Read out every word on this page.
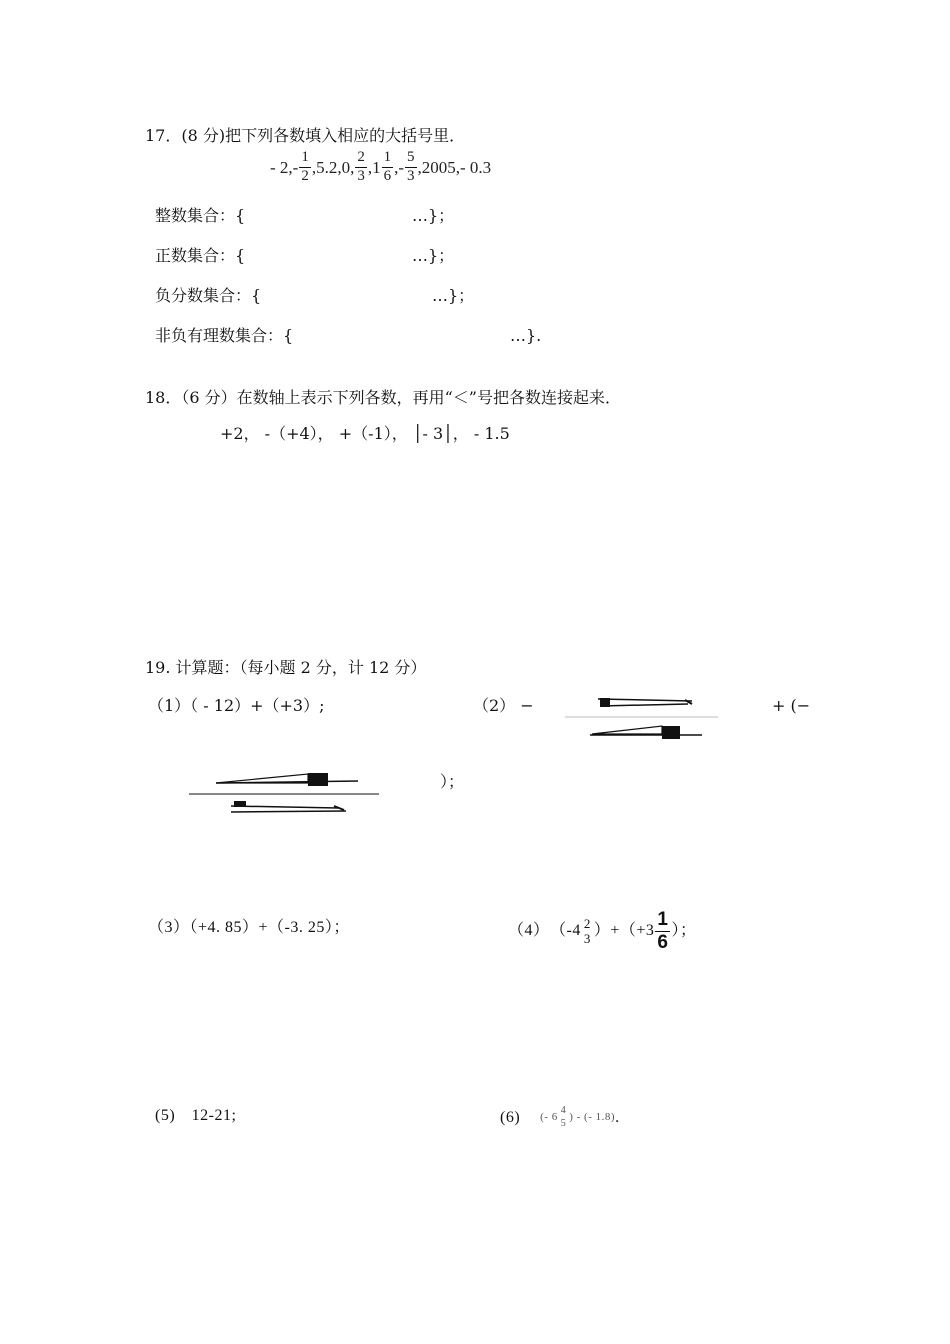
17．(8 分)把下列各数填入相应的大括号里．
- $2,- \frac{1}{2} ,5.2,0$, $\frac{2}{3} ,1 \frac{1}{6}$ ,- $\frac{5}{3} ,2005,-$ 0.3
整数集合：{	…}；
正数集合：{	…}；
负分数集合：{	…}；
非负有理数集合：{	…}.
18．（6 分）在数轴上表示下列各数，再用“＜”号把各数连接起来．
+2， -（+4）， +（-1）， │- 3│， - 1.5
19. 计算题：（每小题 2 分，计 12 分）
（1）（ - 12）+（+3）;	（2） −	+ (−
）；
（3）（+4. 85）+（-3. 25）；	（4）　（-4 2
3 ）$+(+3 \frac{1}{6}$ ）；
(5)　12-21;	(6) (- 6
4
5 ) - (- 1.8) .
